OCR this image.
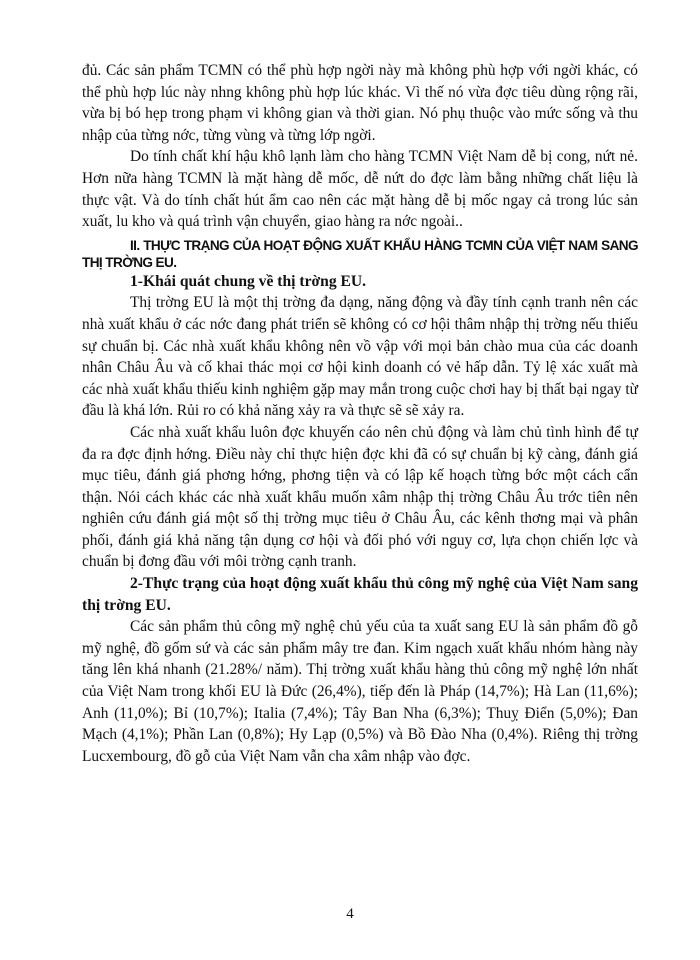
đủ. Các sản phẩm TCMN có thể phù hợp ngời này mà không phù hợp với ngời khác, có thể phù hợp lúc này nhng không phù hợp lúc khác. Vì thế nó vừa đợc tiêu dùng rộng rãi, vừa bị bó hẹp trong phạm vi không gian và thời gian. Nó phụ thuộc vào mức sống và thu nhập của từng nớc, từng vùng và từng lớp ngời.

Do tính chất khí hậu khô lạnh làm cho hàng TCMN Việt Nam dễ bị cong, nứt nẻ. Hơn nữa hàng TCMN là mặt hàng dễ mốc, dễ nứt do đợc làm bằng những chất liệu là thực vật. Và do tính chất hút ẩm cao nên các mặt hàng dễ bị mốc ngay cả trong lúc sản xuất, lu kho và quá trình vận chuyển, giao hàng ra nớc ngoài..

II. THỰC TRẠNG CỦA HOẠT ĐỘNG XUẤT KHẨU HÀNG TCMN CỦA VIỆT NAM SANG THỊ TRỜNG EU.

1-Khái quát chung về thị trờng EU.

Thị trờng EU là một thị trờng đa dạng, năng động và đầy tính cạnh tranh nên các nhà xuất khẩu ở các nớc đang phát triển sẽ không có cơ hội thâm nhập thị trờng nếu thiếu sự chuẩn bị. Các nhà xuất khẩu không nên vồ vập với mọi bản chào mua của các doanh nhân Châu Âu và cố khai thác mọi cơ hội kinh doanh có vẻ hấp dẫn. Tỷ lệ xác xuất mà các nhà xuất khẩu thiếu kinh nghiệm gặp may mắn trong cuộc chơi hay bị thất bại ngay từ đầu là khá lớn. Rủi ro có khả năng xảy ra và thực sẽ sẽ xảy ra.

Các nhà xuất khẩu luôn đợc khuyến cáo nên chủ động và làm chủ tình hình để tự đa ra đợc định hớng. Điều này chỉ thực hiện đợc khi đã có sự chuẩn bị kỹ càng, đánh giá mục tiêu, đánh giá phơng hớng, phơng tiện và có lập kế hoạch từng bớc một cách cẩn thận. Nói cách khác các nhà xuất khẩu muốn xâm nhập thị trờng Châu Âu trớc tiên nên nghiên cứu đánh giá một số thị trờng mục tiêu ở Châu Âu, các kênh thơng mại và phân phối, đánh giá khả năng tận dụng cơ hội và đối phó với nguy cơ, lựa chọn chiến lợc và chuẩn bị đơng đầu với môi trờng cạnh tranh.

2-Thực trạng của hoạt động xuất khẩu thủ công mỹ nghệ của Việt Nam sang thị trờng EU.

Các sản phẩm thủ công mỹ nghệ chủ yếu của ta xuất sang EU là sản phẩm đồ gỗ mỹ nghệ, đồ gốm sứ và các sản phẩm mây tre đan. Kim ngạch xuất khẩu nhóm hàng này tăng lên khá nhanh (21.28%/ năm). Thị trờng xuất khẩu hàng thủ công mỹ nghệ lớn nhất của Việt Nam trong khối EU là Đức (26,4%), tiếp đến là Pháp (14,7%); Hà Lan (11,6%); Anh (11,0%); Bỉ (10,7%); Italia (7,4%); Tây Ban Nha (6,3%); Thuỵ Điển (5,0%); Đan Mạch (4,1%); Phần Lan (0,8%); Hy Lạp (0,5%) và Bồ Đào Nha (0,4%). Riêng thị trờng Lucxembourg, đồ gỗ của Việt Nam vẫn cha xâm nhập vào đợc.

4
